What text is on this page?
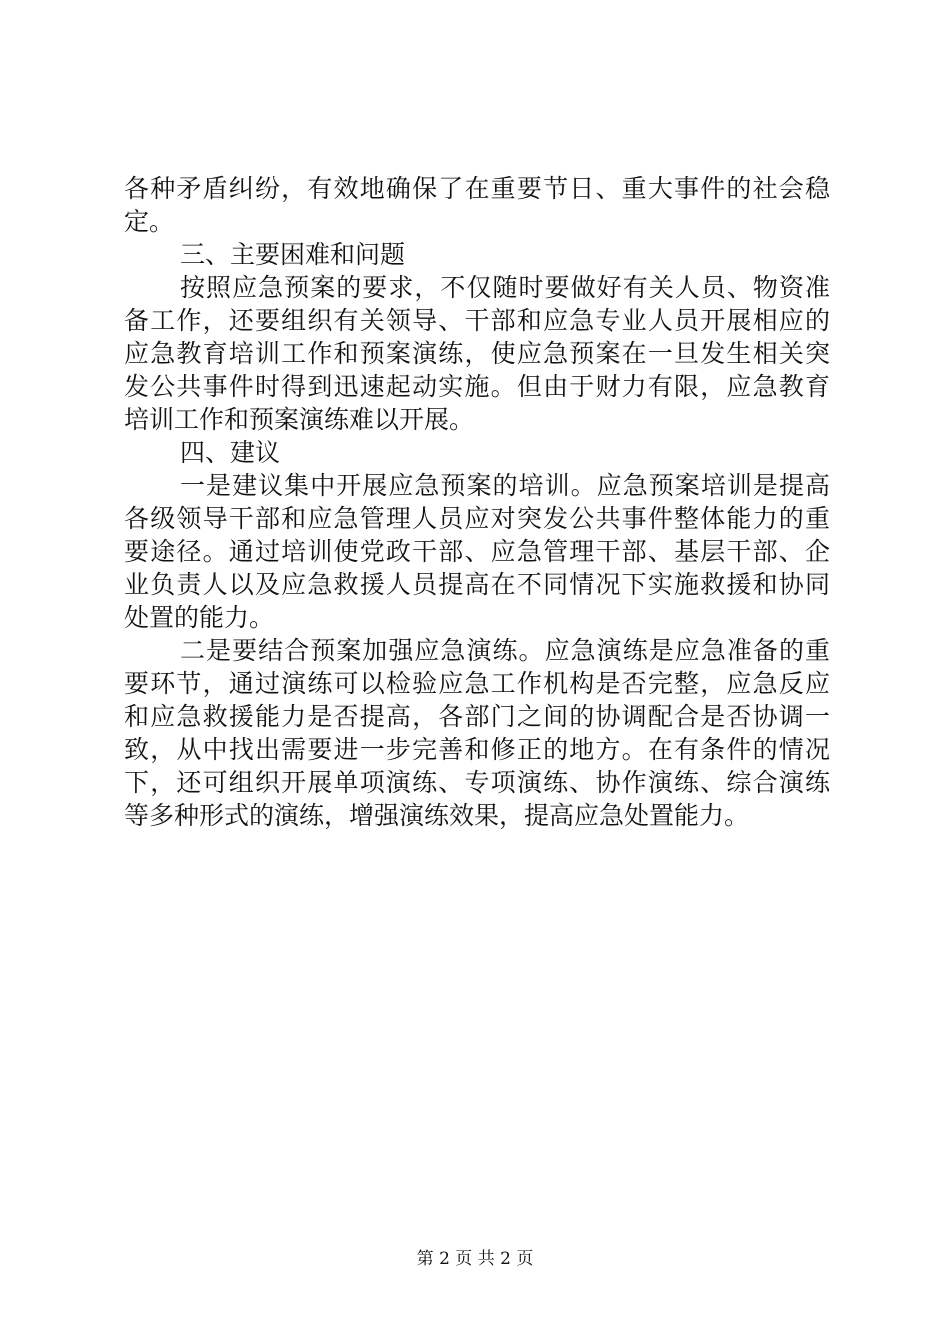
各种矛盾纠纷，有效地确保了在重要节日、重大事件的社会稳
定。
三、主要困难和问题
按照应急预案的要求，不仅随时要做好有关人员、物资准
备工作，还要组织有关领导、干部和应急专业人员开展相应的
应急教育培训工作和预案演练，使应急预案在一旦发生相关突
发公共事件时得到迅速起动实施。但由于财力有限，应急教育
培训工作和预案演练难以开展。
四、建议
一是建议集中开展应急预案的培训。应急预案培训是提高
各级领导干部和应急管理人员应对突发公共事件整体能力的重
要途径。通过培训使党政干部、应急管理干部、基层干部、企
业负责人以及应急救援人员提高在不同情况下实施救援和协同
处置的能力。
二是要结合预案加强应急演练。应急演练是应急准备的重
要环节，通过演练可以检验应急工作机构是否完整，应急反应
和应急救援能力是否提高，各部门之间的协调配合是否协调一
致，从中找出需要进一步完善和修正的地方。在有条件的情况
下，还可组织开展单项演练、专项演练、协作演练、综合演练
等多种形式的演练，增强演练效果，提高应急处置能力。
第 2 页 共 2 页
